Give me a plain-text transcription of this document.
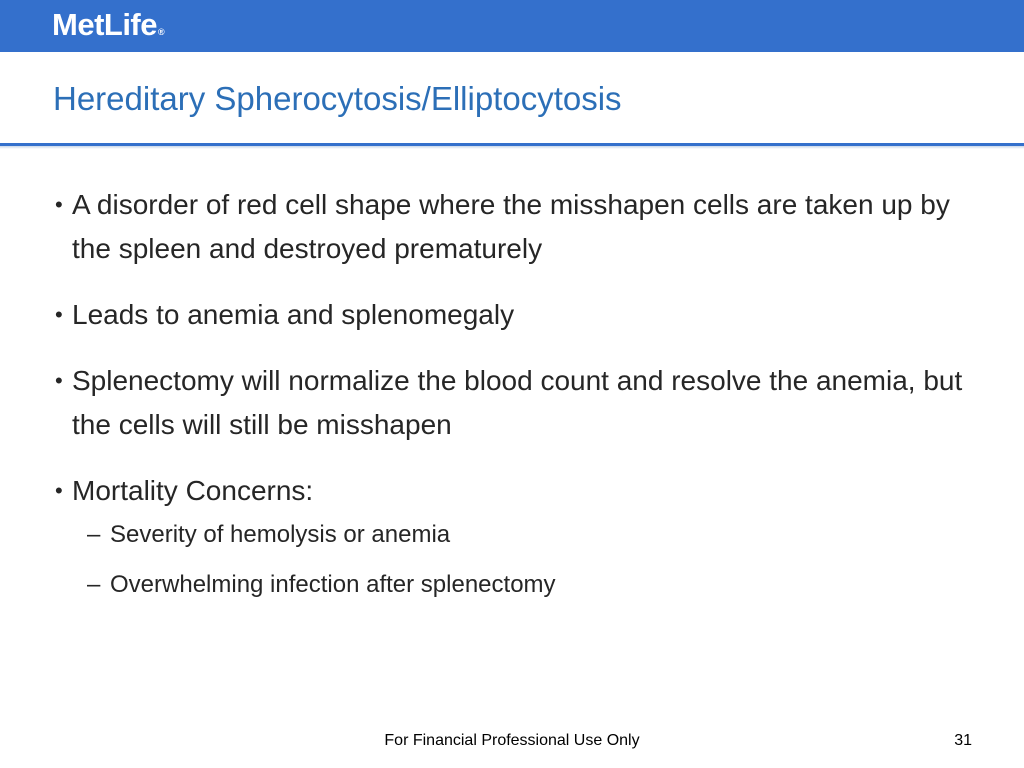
MetLife®
Hereditary Spherocytosis/Elliptocytosis
• A disorder of red cell shape where the misshapen cells are taken up by the spleen and destroyed prematurely
• Leads to anemia and splenomegaly
• Splenectomy will normalize the blood count and resolve the anemia, but the cells will still be misshapen
• Mortality Concerns:
– Severity of hemolysis or anemia
– Overwhelming infection after splenectomy
For Financial Professional Use Only	31
